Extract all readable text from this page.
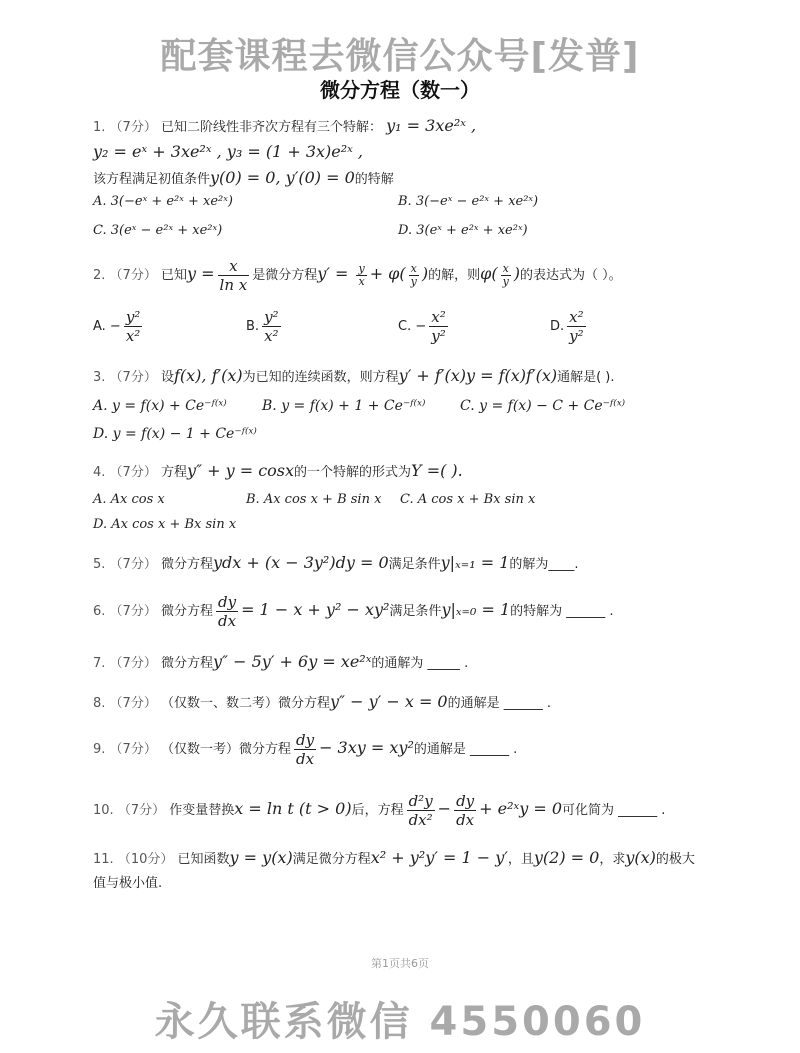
配套课程去微信公众号[发普]
微分方程（数一）
1. （7分） 已知二阶线性非齐次方程有三个特解： y₁ = 3xe²ˣ ,
y₂ = eˣ + 3xe²ˣ , y₃ = (1 + 3x)e²ˣ ,
该方程满足初值条件y(0) = 0, y′(0) = 0的特解
A. 3(−eˣ + e²ˣ + xe²ˣ)	B. 3(−eˣ − e²ˣ + xe²ˣ)
C. 3(eˣ − e²ˣ + xe²ˣ)	D. 3(eˣ + e²ˣ + xe²ˣ)
2. （7分） 已知$y = \frac{x}{\text{ln x}}$ 是微分方程$y' = \frac{y}{x} + \varphi( \frac{x}{y}$ )的解，则$\varphi( \frac{x}{y}$ )的表达式为（ ）。
A. − $\frac{\text{y²}}{\text{x²}}$	B. $\frac{\text{y²}}{\text{x²}}$	C. − $\frac{\text{x²}}{\text{y²}}$	D. $\frac{\text{x²}}{\text{y²}}$
3. （7分） 设f(x), f′(x)为已知的连续函数，则方程y′ + f′(x)y = f(x)f′(x)通解是( ).
A. y = f(x) + Ce⁻ᶠ⁽ˣ⁾	B. y = f(x) + 1 + Ce⁻ᶠ⁽ˣ⁾ C. y = f(x) − C + Ce⁻ᶠ⁽ˣ⁾
D. y = f(x) − 1 + Ce⁻ᶠ⁽ˣ⁾
4. （7分） 方程y″ + y = cosx的一个特解的形式为Y =( ).
A. Ax cos x	B. Ax cos x + B sin x C. A cos x + Bx sin x
D. Ax cos x + Bx sin x
5. （7分） 微分方程ydx + (x − 3y²)dy = 0满足条件y|ₓ₌₁ = 1的解为____.
6. （7分） 微分方程 $\frac{dy}{dx} = 1 - x + y^2 - xy^2$满足条件y|ₓ₌₀ = 1的特解为 ______ .
7. （7分） 微分方程y″ − 5y′ + 6y = xe²ˣ的通解为 _____ .
8. （7分） （仅数一、数二考）微分方程y″ − y′ − x = 0的通解是 ______ .
9. （7分） （仅数一考）微分方程 $\frac{dy}{dx} - 3xy = xy^2$的通解是 ______ .
10. （7分） 作变量替换x = ln t (t > 0)后，方程 $\frac{\text{d²y}}{\text{dx²}} - \frac{dy}{dx}$ + e²ˣy = 0可化简为 ______ .
11. （10分） 已知函数y = y(x)满足微分方程x² + y²y′ = 1 − y′，且y(2) = 0，求y(x)的极大
值与极小值.
第1页共6页
永久联系微信 4550060
